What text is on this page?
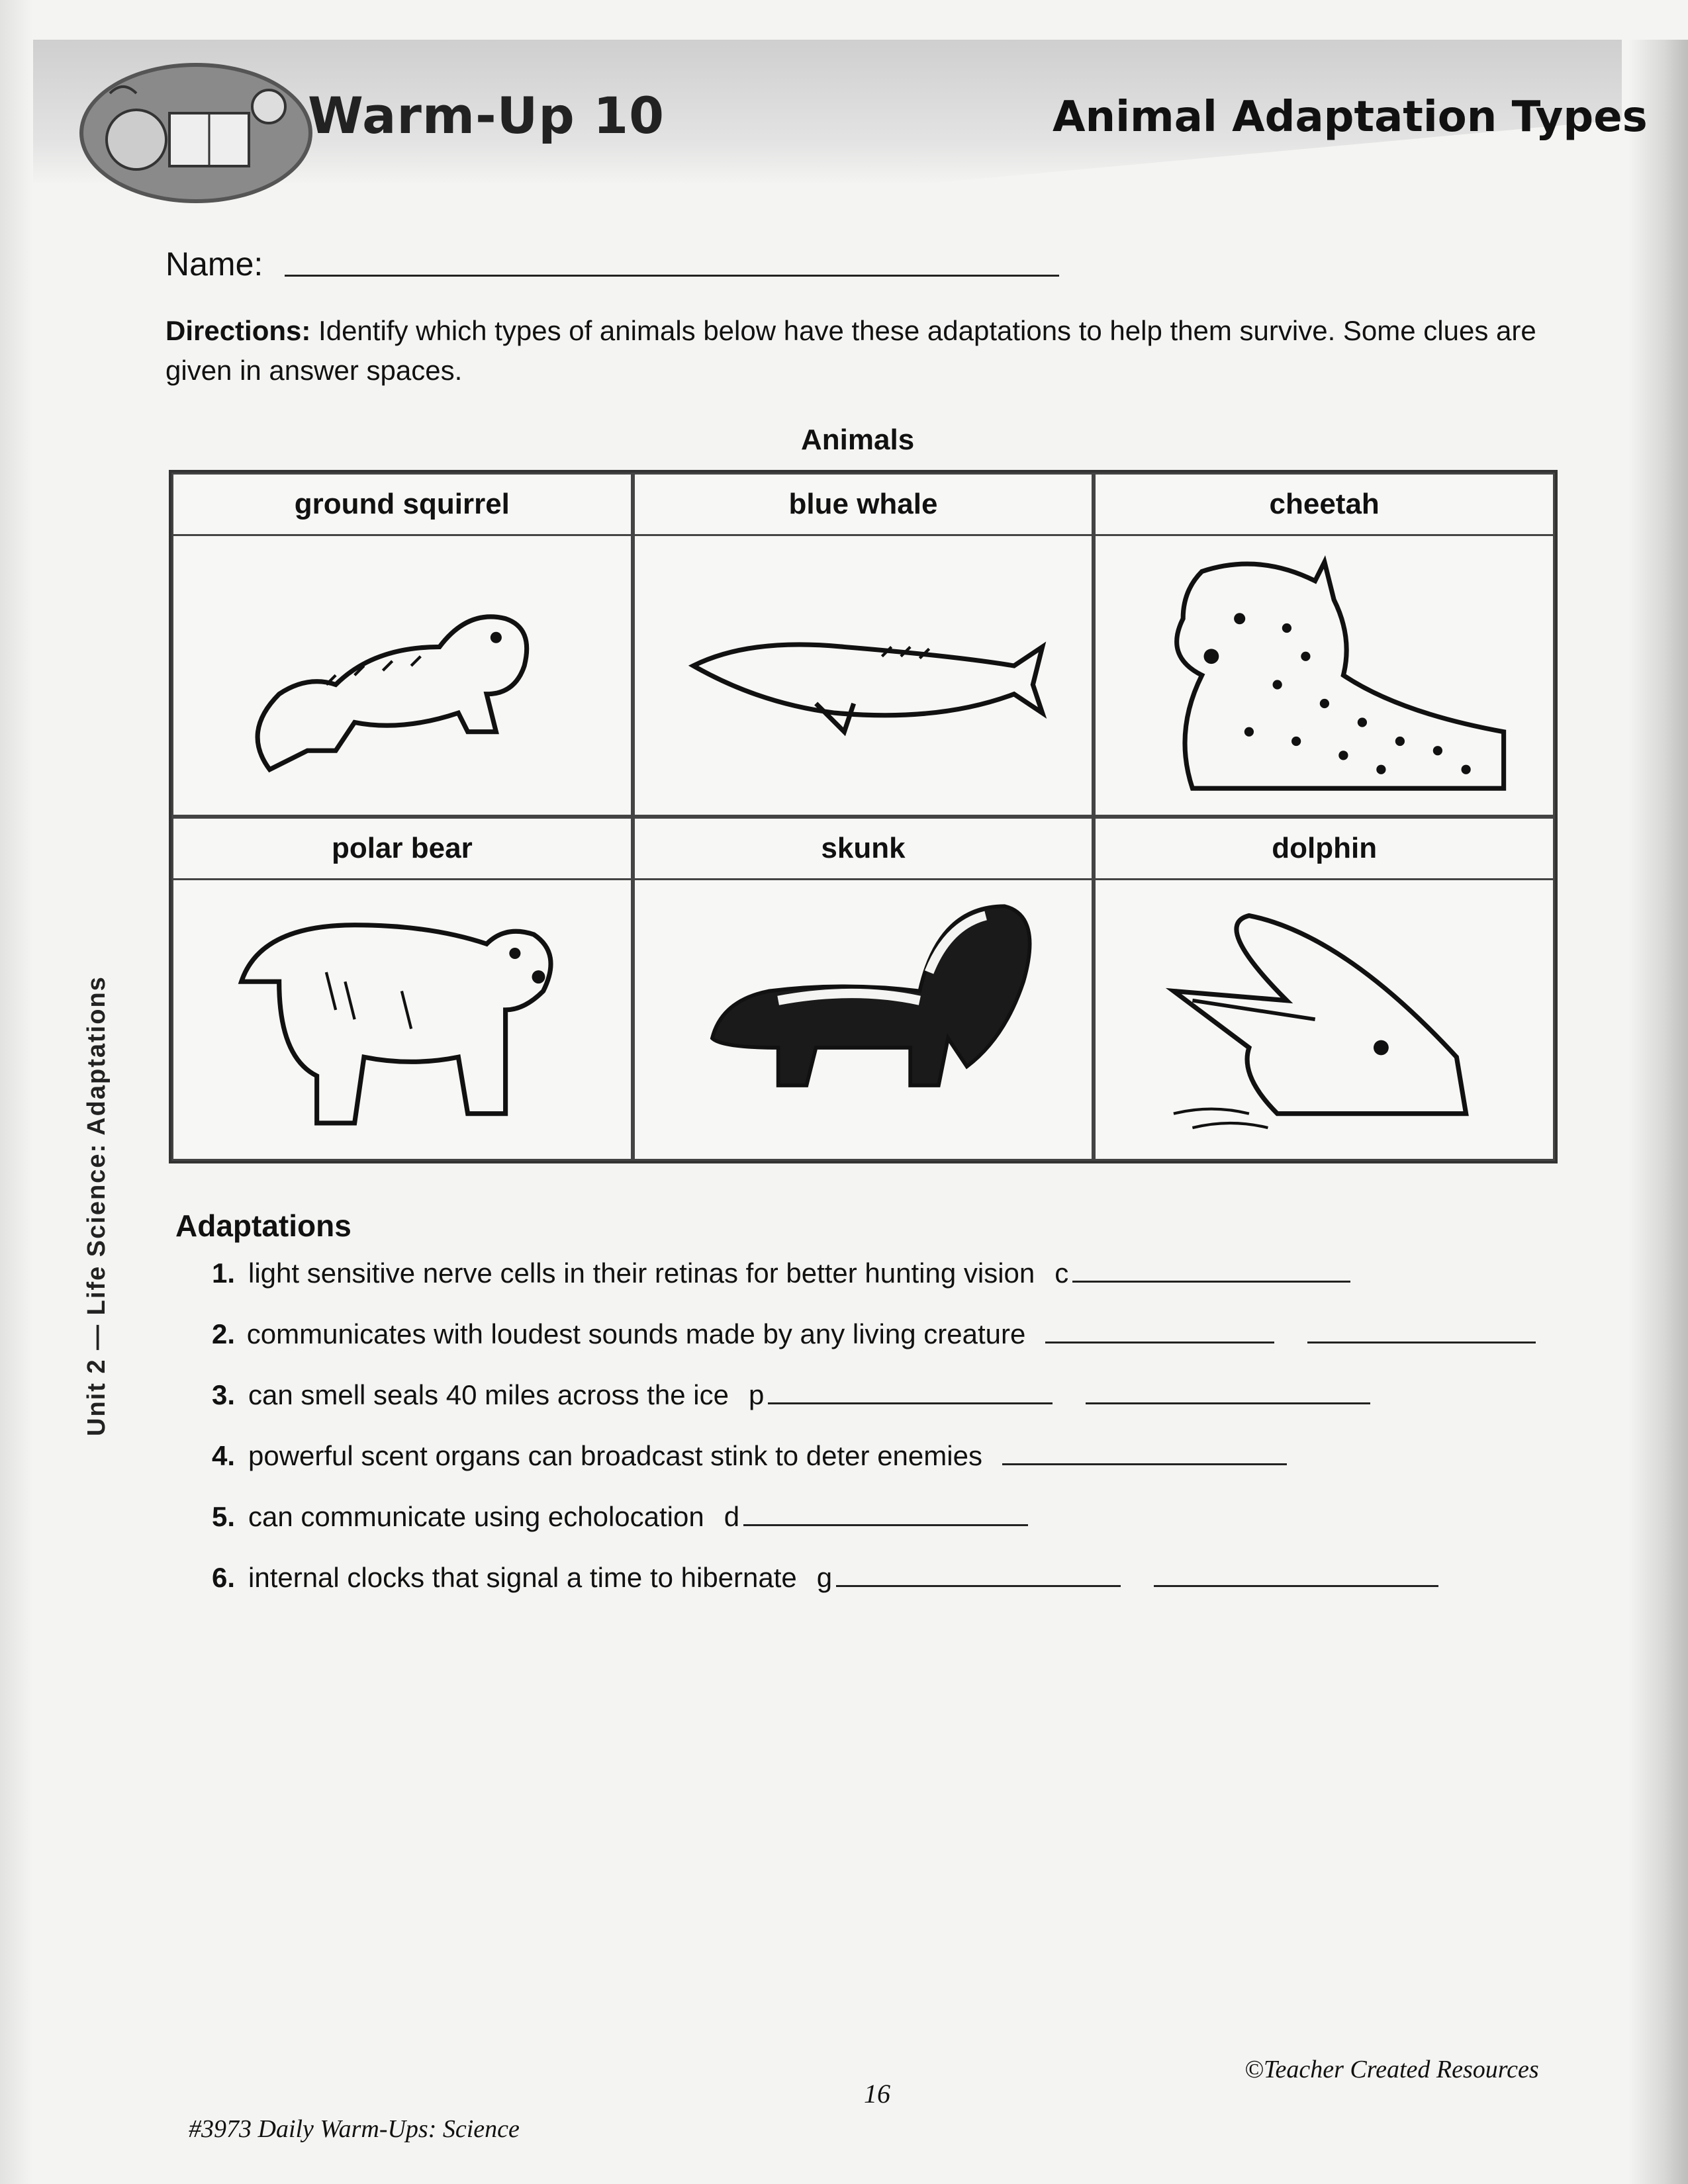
Warm-Up 10	Animal Adaptation Types
Name:
Directions: Identify which types of animals below have these adaptations to help them survive. Some clues are given in answer spaces.
Animals
ground squirrel	blue whale	cheetah
polar bear	skunk	dolphin
Adaptations
1. light sensitive nerve cells in their retinas for better hunting vision c
2. communicates with loudest sounds made by any living creature
3. can smell seals 40 miles across the ice p
4. powerful scent organs can broadcast stink to deter enemies
5. can communicate using echolocation d
6. internal clocks that signal a time to hibernate g
Unit 2 — Life Science: Adaptations
#3973 Daily Warm-Ups: Science
16
©Teacher Created Resources
